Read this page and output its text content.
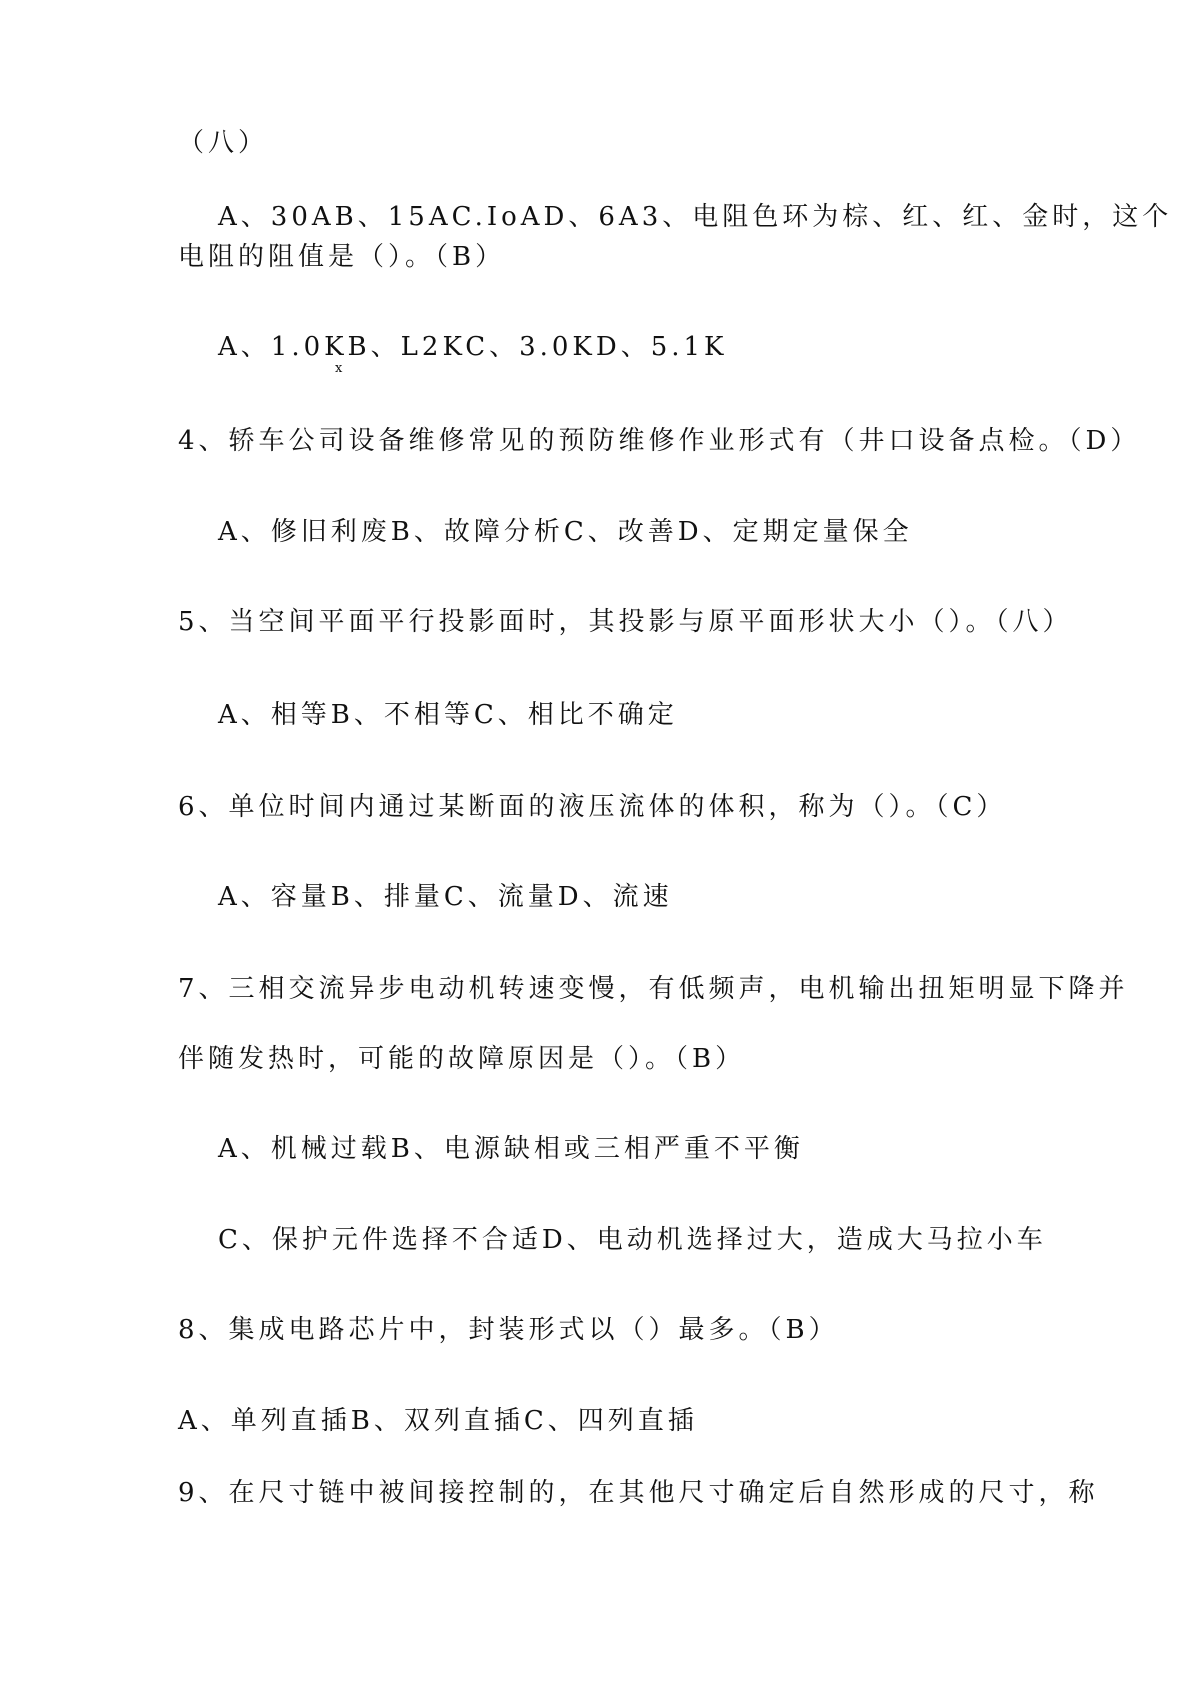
（八）
A、30AB、15AC.IoAD、6A3、电阻色环为棕、红、红、金时，这个
电阻的阻值是（）。（B）
A、1.0KB、L2KC、3.0KD、5.1K
x
4、轿车公司设备维修常见的预防维修作业形式有（井口设备点检。（D）
A、修旧利废B、故障分析C、改善D、定期定量保全
5、当空间平面平行投影面时，其投影与原平面形状大小（）。（八）
A、相等B、不相等C、相比不确定
6、单位时间内通过某断面的液压流体的体积，称为（）。（C）
A、容量B、排量C、流量D、流速
7、三相交流异步电动机转速变慢，有低频声，电机输出扭矩明显下降并
伴随发热时，可能的故障原因是（）。（B）
A、机械过载B、电源缺相或三相严重不平衡
C、保护元件选择不合适D、电动机选择过大，造成大马拉小车
8、集成电路芯片中，封装形式以（）最多。（B）
A、单列直插B、双列直插C、四列直插
9、在尺寸链中被间接控制的，在其他尺寸确定后自然形成的尺寸，称
